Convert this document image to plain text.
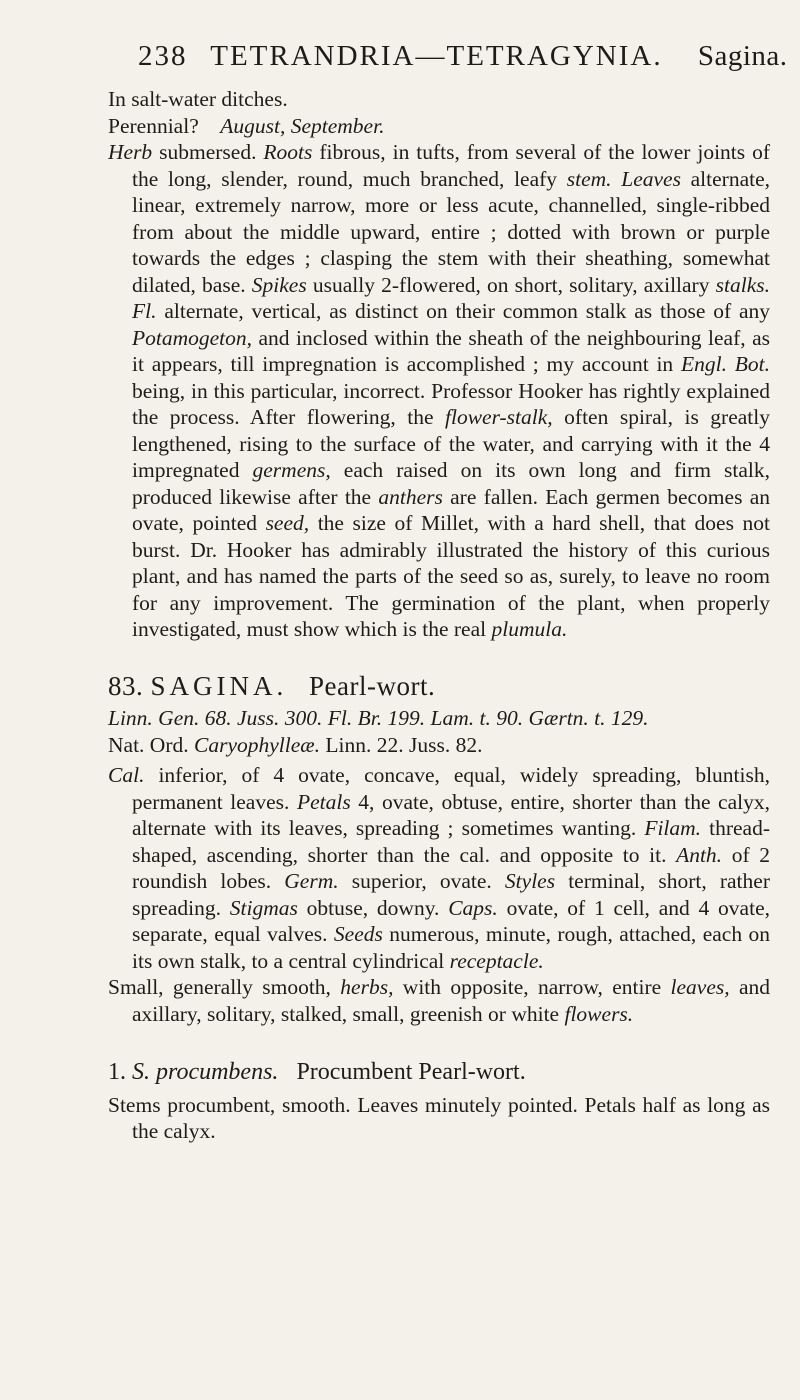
238 TETRANDRIA—TETRAGYNIA. Sagina.

In salt-water ditches.

Perennial? August, September.

Herb submersed. Roots fibrous, in tufts, from several of the lower joints of the long, slender, round, much branched, leafy stem. Leaves alternate, linear, extremely narrow, more or less acute, channelled, single-ribbed from about the middle upward, entire ; dotted with brown or purple towards the edges ; clasping the stem with their sheathing, somewhat dilated, base. Spikes usually 2-flowered, on short, solitary, axillary stalks. Fl. alternate, vertical, as distinct on their common stalk as those of any Potamogeton, and inclosed within the sheath of the neighbouring leaf, as it appears, till impregnation is accomplished ; my account in Engl. Bot. being, in this particular, incorrect. Professor Hooker has rightly explained the process. After flowering, the flower-stalk, often spiral, is greatly lengthened, rising to the surface of the water, and carrying with it the 4 impregnated germens, each raised on its own long and firm stalk, produced likewise after the anthers are fallen. Each germen becomes an ovate, pointed seed, the size of Millet, with a hard shell, that does not burst. Dr. Hooker has admirably illustrated the history of this curious plant, and has named the parts of the seed so as, surely, to leave no room for any improvement. The germination of the plant, when properly investigated, must show which is the real plumula.

83. SAGINA. Pearl-wort.

Linn. Gen. 68. Juss. 300. Fl. Br. 199. Lam. t. 90. Gærtn. t. 129.

Nat. Ord. Caryophylleæ. Linn. 22. Juss. 82.

Cal. inferior, of 4 ovate, concave, equal, widely spreading, bluntish, permanent leaves. Petals 4, ovate, obtuse, entire, shorter than the calyx, alternate with its leaves, spreading ; sometimes wanting. Filam. thread-shaped, ascending, shorter than the cal. and opposite to it. Anth. of 2 roundish lobes. Germ. superior, ovate. Styles terminal, short, rather spreading. Stigmas obtuse, downy. Caps. ovate, of 1 cell, and 4 ovate, separate, equal valves. Seeds numerous, minute, rough, attached, each on its own stalk, to a central cylindrical receptacle.

Small, generally smooth, herbs, with opposite, narrow, entire leaves, and axillary, solitary, stalked, small, greenish or white flowers.

1. S. procumbens. Procumbent Pearl-wort.

Stems procumbent, smooth. Leaves minutely pointed. Petals half as long as the calyx.
